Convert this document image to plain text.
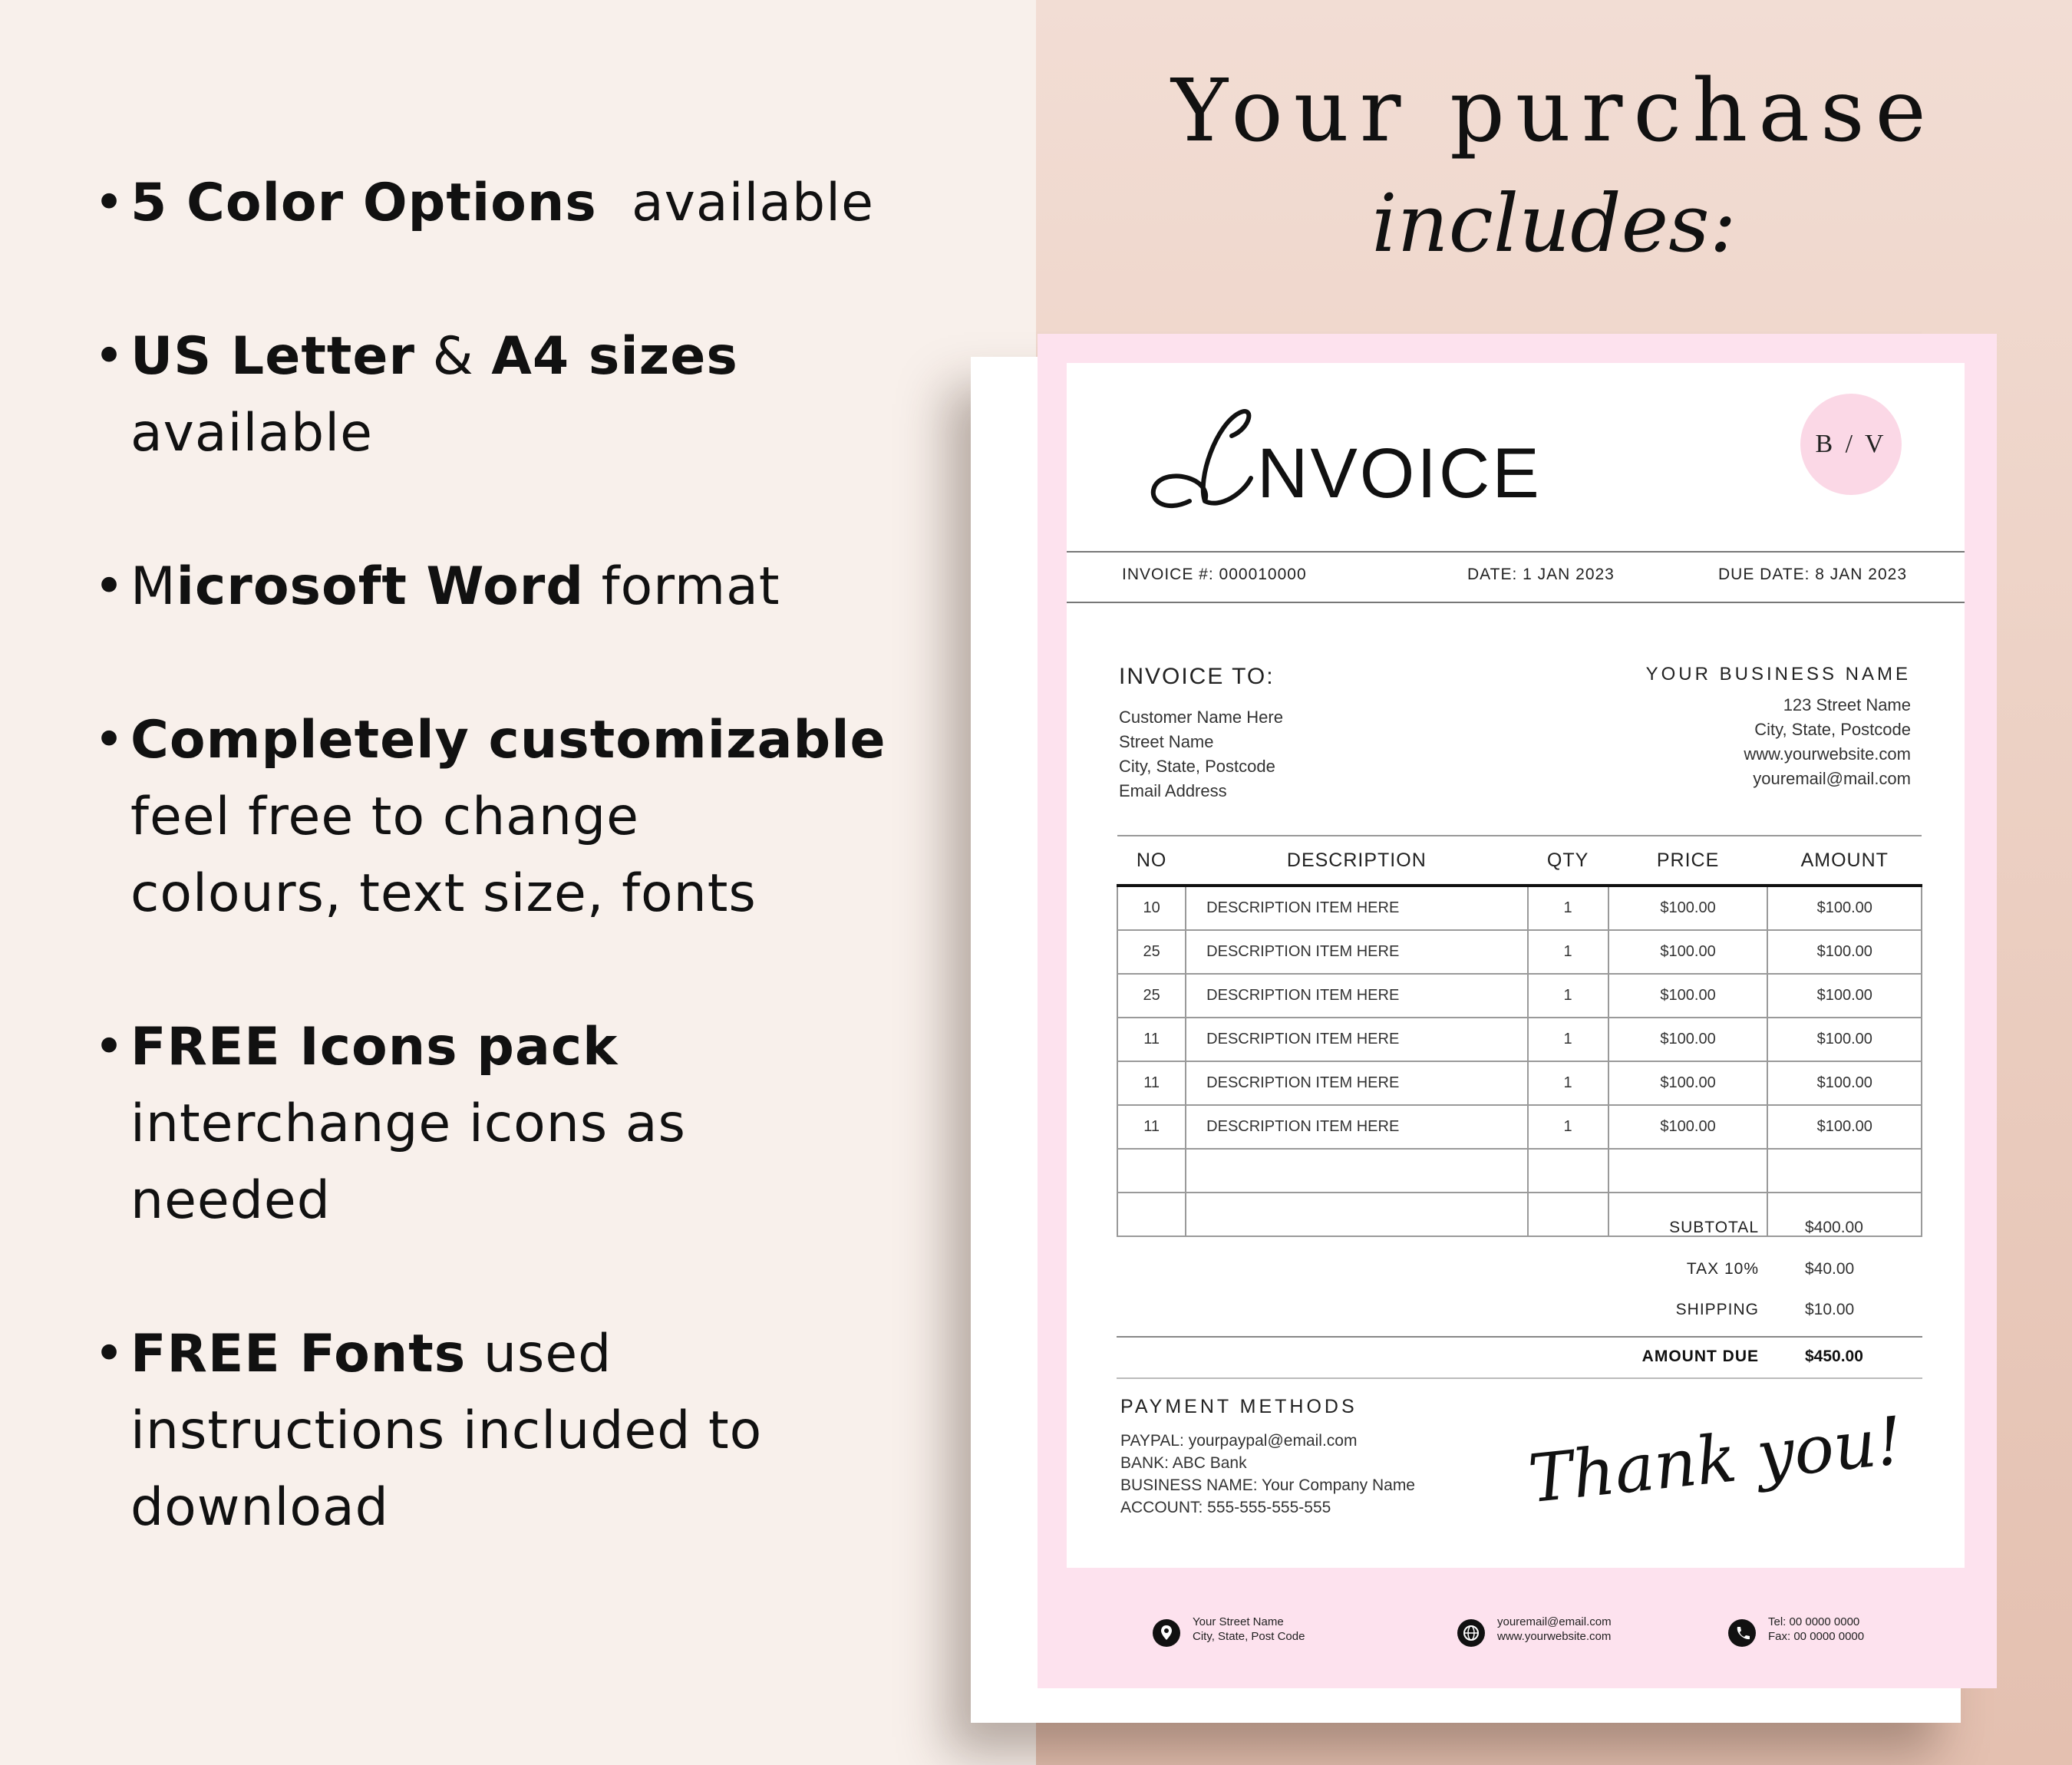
• 5 Color Options  available
• US Letter & A4 sizes
available
• Microsoft Word format
• Completely customizable
feel free to change
colours, text size, fonts
• FREE Icons pack
interchange icons as
needed
• FREE Fonts used
instructions included to
download
Your purchase
includes:
NVOICE	B / V
INVOICE #: 000010000	DATE: 1 JAN 2023	DUE DATE: 8 JAN 2023
INVOICE TO:
Customer Name Here
Street Name
City, State, Postcode
Email Address
YOUR BUSINESS NAME
123 Street Name
City, State, Postcode
www.yourwebsite.com
youremail@mail.com
NO	DESCRIPTION	QTY	PRICE	AMOUNT
10	DESCRIPTION ITEM HERE	1	$100.00	$100.00
25	DESCRIPTION ITEM HERE	1	$100.00	$100.00
25	DESCRIPTION ITEM HERE	1	$100.00	$100.00
11	DESCRIPTION ITEM HERE	1	$100.00	$100.00
11	DESCRIPTION ITEM HERE	1	$100.00	$100.00
11	DESCRIPTION ITEM HERE	1	$100.00	$100.00

SUBTOTAL	$400.00
TAX 10%	$40.00
SHIPPING	$10.00
AMOUNT DUE	$450.00
PAYMENT METHODS
PAYPAL: yourpaypal@email.com
BANK: ABC Bank
BUSINESS NAME: Your Company Name
ACCOUNT: 555-555-555-555	Thank you!
Your Street Name
City, State, Post Code
youremail@email.com
www.yourwebsite.com
Tel: 00 0000 0000
Fax: 00 0000 0000
